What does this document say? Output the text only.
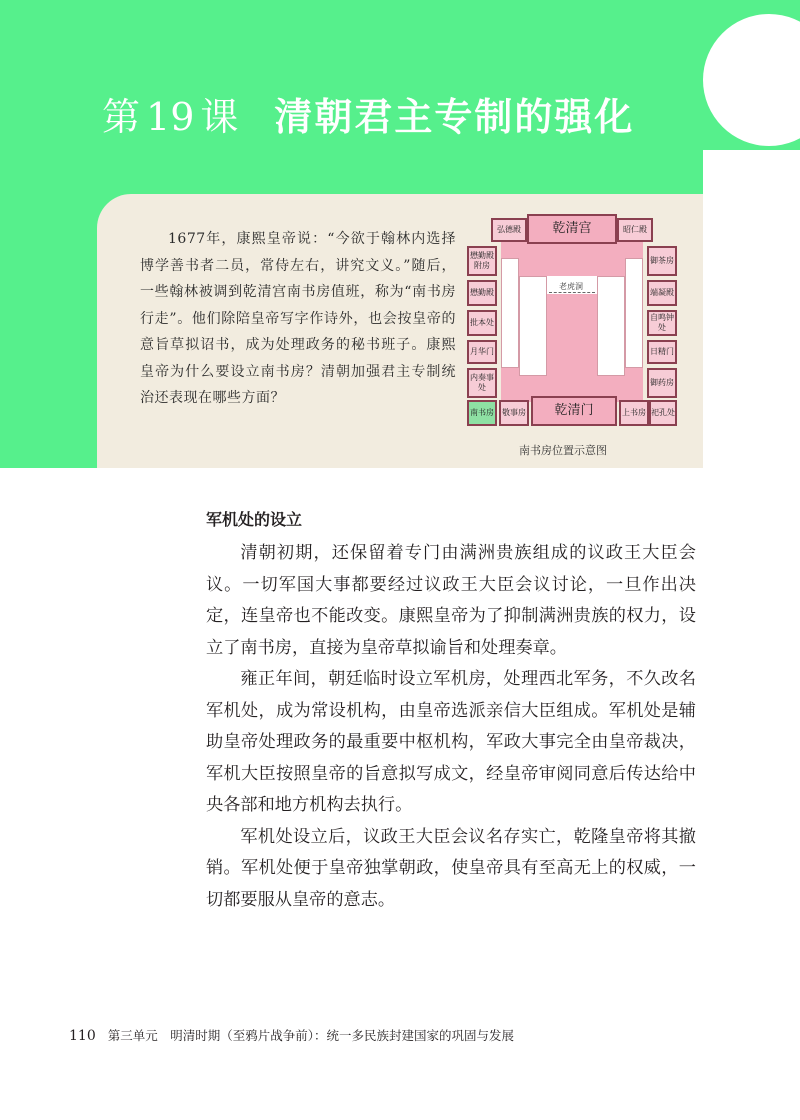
第 19 课 清朝君主专制的强化
1677年，康熙皇帝说：“今欲于翰林内选择博学善书者二员，常侍左右，讲究文义。”随后，一些翰林被调到乾清宫南书房值班，称为“南书房行走”。他们除陪皇帝写字作诗外，也会按皇帝的意旨草拟诏书，成为处理政务的秘书班子。康熙皇帝为什么要设立南书房？清朝加强君主专制统治还表现在哪些方面？
老虎洞
弘德殿	乾清宫	昭仁殿
懋勤殿附房
懋勤殿
批本处
月华门
内奏事处
御茶房
端凝殿
自鸣钟处
日精门
御药房
南书房	敬事房	乾清门	上书房 祀孔处
南书房位置示意图
军机处的设立

清朝初期，还保留着专门由满洲贵族组成的议政王大臣会议。一切军国大事都要经过议政王大臣会议讨论，一旦作出决定，连皇帝也不能改变。康熙皇帝为了抑制满洲贵族的权力，设立了南书房，直接为皇帝草拟谕旨和处理奏章。

雍正年间，朝廷临时设立军机房，处理西北军务，不久改名军机处，成为常设机构，由皇帝选派亲信大臣组成。军机处是辅助皇帝处理政务的最重要中枢机构，军政大事完全由皇帝裁决，军机大臣按照皇帝的旨意拟写成文，经皇帝审阅同意后传达给中央各部和地方机构去执行。

军机处设立后，议政王大臣会议名存实亡，乾隆皇帝将其撤销。军机处便于皇帝独掌朝政，使皇帝具有至高无上的权威，一切都要服从皇帝的意志。

110 第三单元　明清时期（至鸦片战争前）：统一多民族封建国家的巩固与发展
